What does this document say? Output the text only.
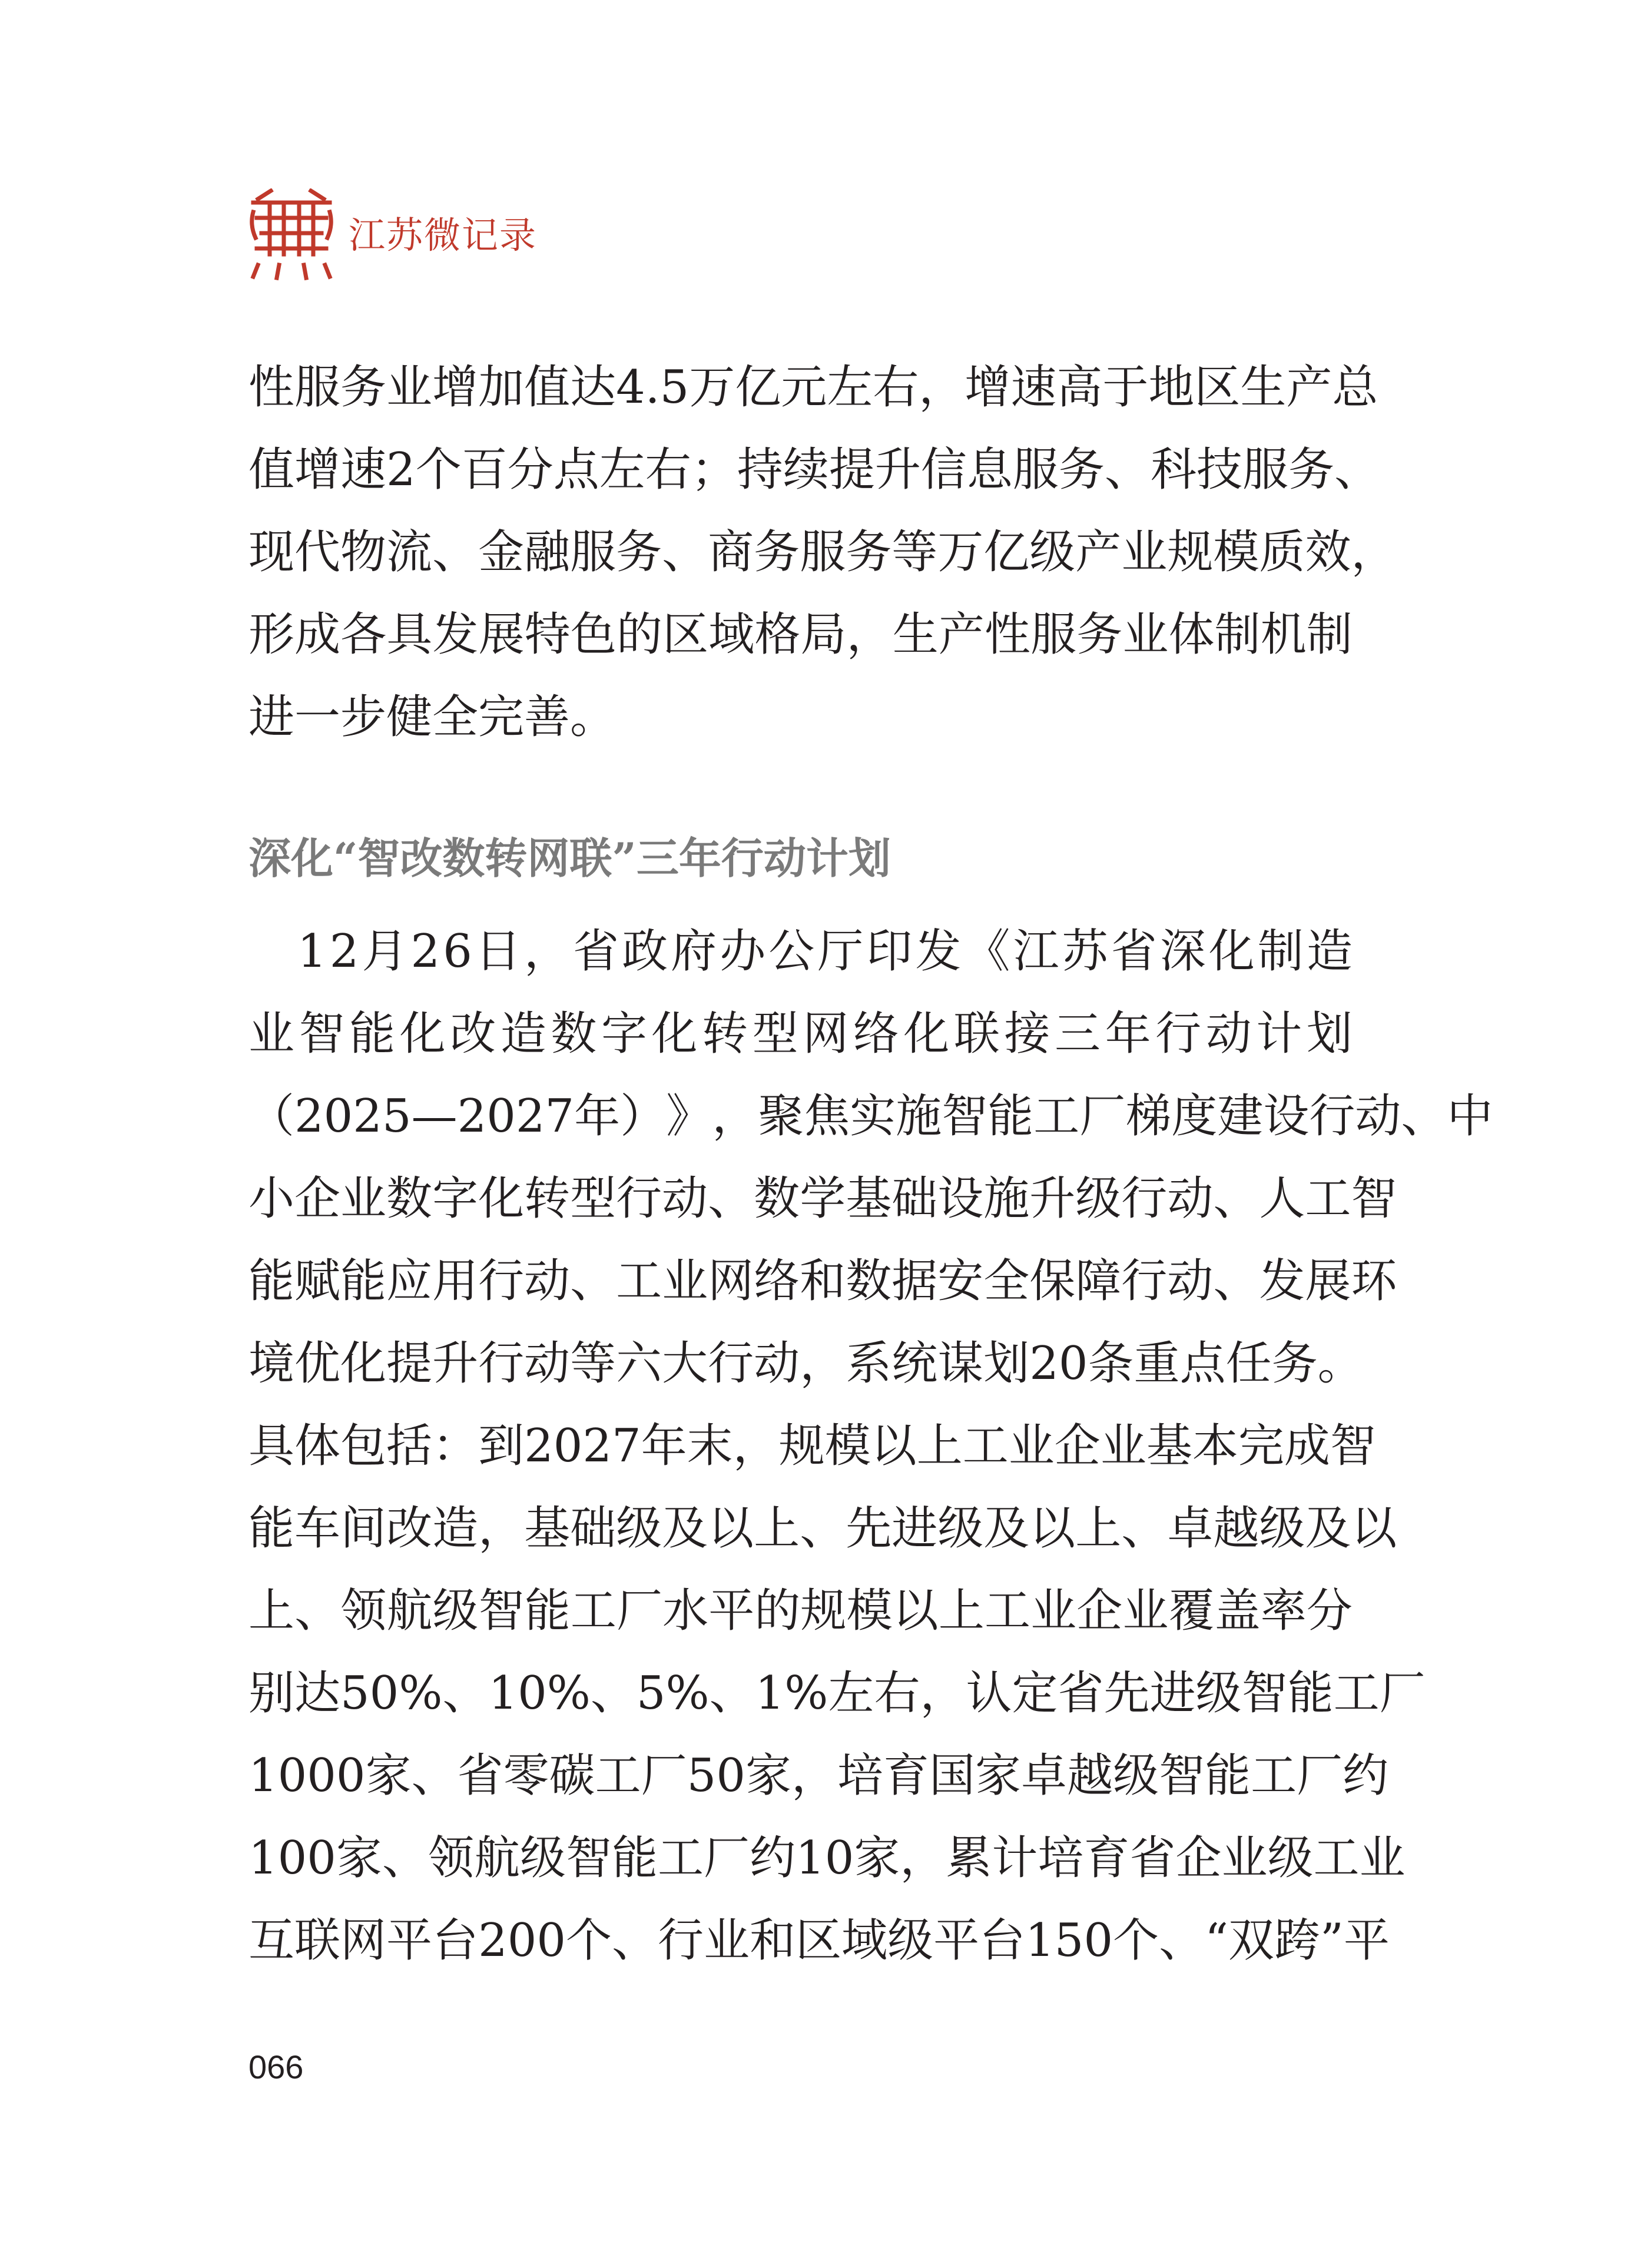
江苏微记录
性 服 务 业 增 加 值 达 4 . 5 万 亿 元 左 右 ， 增 速 高 于 地 区 生 产 总
值 增 速 2 个 百 分 点 左 右 ； 持 续 提 升 信 息 服 务 、 科 技 服 务 、
现 代 物 流 、 金 融 服 务 、 商 务 服 务 等 万 亿 级 产 业 规 模 质 效 ，
形 成 各 具 发 展 特 色 的 区 域 格 局 ， 生 产 性 服 务 业 体 制 机 制
进一步健全完善。
深化“智改数转网联”三年行动计划

1 2 月 2 6 日 ， 省 政 府 办 公 厅 印 发 《 江 苏 省 深 化 制 造
业 智 能 化 改 造 数 字 化 转 型 网 络 化 联 接 三 年 行 动 计 划
（ 2 0 2 5 — 2 0 2 7 年 ） 》 ， 聚 焦 实 施 智 能 工 厂 梯 度 建 设 行 动 、 中
小 企 业 数 字 化 转 型 行 动 、 数 学 基 础 设 施 升 级 行 动 、 人 工 智
能 赋 能 应 用 行 动 、 工 业 网 络 和 数 据 安 全 保 障 行 动 、 发 展 环
境 优 化 提 升 行 动 等 六 大 行 动 ， 系 统 谋 划 2 0 条 重 点 任 务 。
具 体 包 括 ： 到 2 0 2 7 年 末 ， 规 模 以 上 工 业 企 业 基 本 完 成 智
能 车 间 改 造 ， 基 础 级 及 以 上 、 先 进 级 及 以 上 、 卓 越 级 及 以
上 、 领 航 级 智 能 工 厂 水 平 的 规 模 以 上 工 业 企 业 覆 盖 率 分
别 达 5 0 % 、 1 0 % 、 5 % 、 1 % 左 右 ， 认 定 省 先 进 级 智 能 工 厂
1 0 0 0 家 、 省 零 碳 工 厂 5 0 家 ， 培 育 国 家 卓 越 级 智 能 工 厂 约
1 0 0 家 、 领 航 级 智 能 工 厂 约 1 0 家 ， 累 计 培 育 省 企 业 级 工 业
互 联 网 平 台 2 0 0 个 、 行 业 和 区 域 级 平 台 1 5 0 个 、 “ 双 跨 ” 平
066
